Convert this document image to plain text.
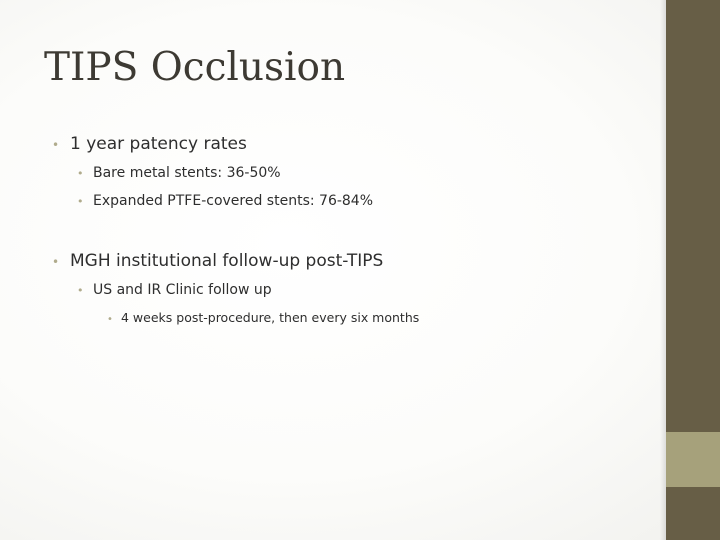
TIPS Occlusion
• 1 year patency rates
• Bare metal stents: 36-50%
• Expanded PTFE-covered stents: 76-84%
• MGH institutional follow-up post-TIPS
• US and IR Clinic follow up
• 4 weeks post-procedure, then every six months
